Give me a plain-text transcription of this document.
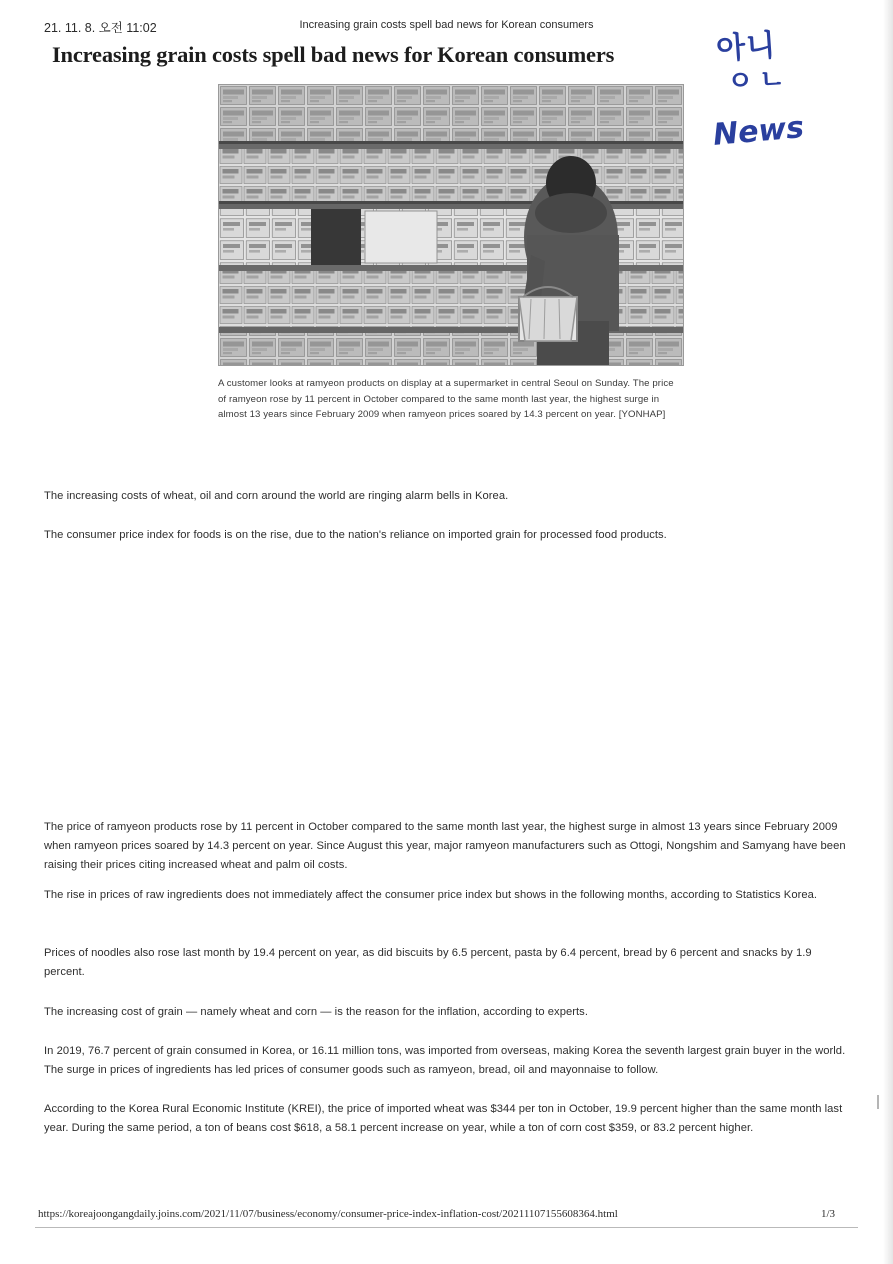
21. 11. 8. 오전 11:02	Increasing grain costs spell bad news for Korean consumers
Increasing grain costs spell bad news for Korean consumers	아니
ㅇㄴ
News
A customer looks at ramyeon products on display at a supermarket in central Seoul on Sunday. The price of ramyeon rose by 11 percent in October compared to the same month last year, the highest surge in almost 13 years since February 2009 when ramyeon prices soared by 14.3 percent on year. [YONHAP]
The increasing costs of wheat, oil and corn around the world are ringing alarm bells in Korea.
The consumer price index for foods is on the rise, due to the nation's reliance on imported grain for processed food products.
The price of ramyeon products rose by 11 percent in October compared to the same month last year, the highest surge in almost 13 years since February 2009 when ramyeon prices soared by 14.3 percent on year. Since August this year, major ramyeon manufacturers such as Ottogi, Nongshim and Samyang have been raising their prices citing increased wheat and palm oil costs.
The rise in prices of raw ingredients does not immediately affect the consumer price index but shows in the following months, according to Statistics Korea.
Prices of noodles also rose last month by 19.4 percent on year, as did biscuits by 6.5 percent, pasta by 6.4 percent, bread by 6 percent and snacks by 1.9 percent.
The increasing cost of grain — namely wheat and corn — is the reason for the inflation, according to experts.
In 2019, 76.7 percent of grain consumed in Korea, or 16.11 million tons, was imported from overseas, making Korea the seventh largest grain buyer in the world. The surge in prices of ingredients has led prices of consumer goods such as ramyeon, bread, oil and mayonnaise to follow.
According to the Korea Rural Economic Institute (KREI), the price of imported wheat was $344 per ton in October, 19.9 percent higher than the same month last year. During the same period, a ton of beans cost $618, a 58.1 percent increase on year, while a ton of corn cost $359, or 83.2 percent higher.
https://koreajoongangdaily.joins.com/2021/11/07/business/economy/consumer-price-index-inflation-cost/20211107155608364.html	1/3
